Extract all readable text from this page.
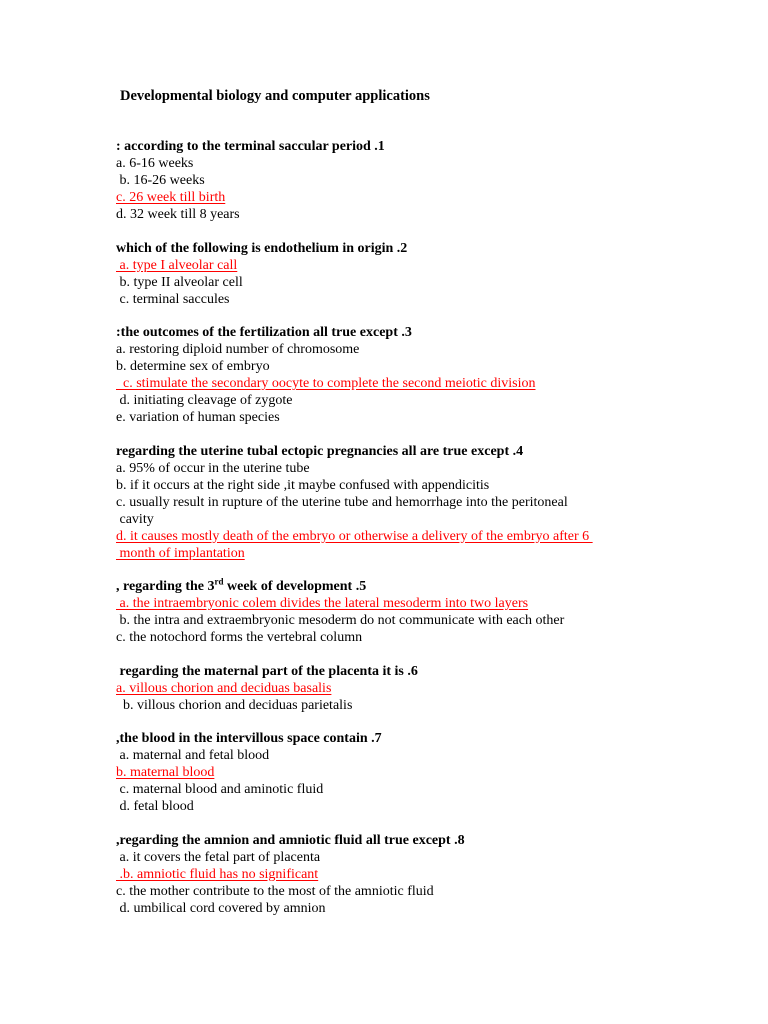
Developmental biology and computer applications
: according to the terminal saccular period .1
a. 6-16 weeks
b. 16-26 weeks
c. 26 week till birth
d. 32 week till 8 years
which of the following is endothelium in origin .2
a. type I alveolar call
b. type II alveolar cell
c. terminal saccules
:the outcomes of the fertilization all true except .3
a. restoring diploid number of chromosome
b. determine sex of embryo
c. stimulate the secondary oocyte to complete the second meiotic division
d. initiating cleavage of zygote
e. variation of human species
regarding the uterine tubal ectopic pregnancies all are true except .4
a. 95% of occur in the uterine tube
b. if it occurs at the right side ,it maybe confused with appendicitis
c. usually result in rupture of the uterine tube and hemorrhage into the peritoneal
cavity
d. it causes mostly death of the embryo or otherwise a delivery of the embryo after 6
month of implantation
, regarding the 3rd week of development .5
a. the intraembryonic colem divides the lateral mesoderm into two layers
b. the intra and extraembryonic mesoderm do not communicate with each other
c. the notochord forms the vertebral column
regarding the maternal part of the placenta it is .6
a. villous chorion and deciduas basalis
b. villous chorion and deciduas parietalis
,the blood in the intervillous space contain .7
a. maternal and fetal blood
b. maternal blood
c. maternal blood and aminotic fluid
d. fetal blood
,regarding the amnion and amniotic fluid all true except .8
a. it covers the fetal part of placenta
.b. amniotic fluid has no significant
c. the mother contribute to the most of the amniotic fluid
d. umbilical cord covered by amnion
